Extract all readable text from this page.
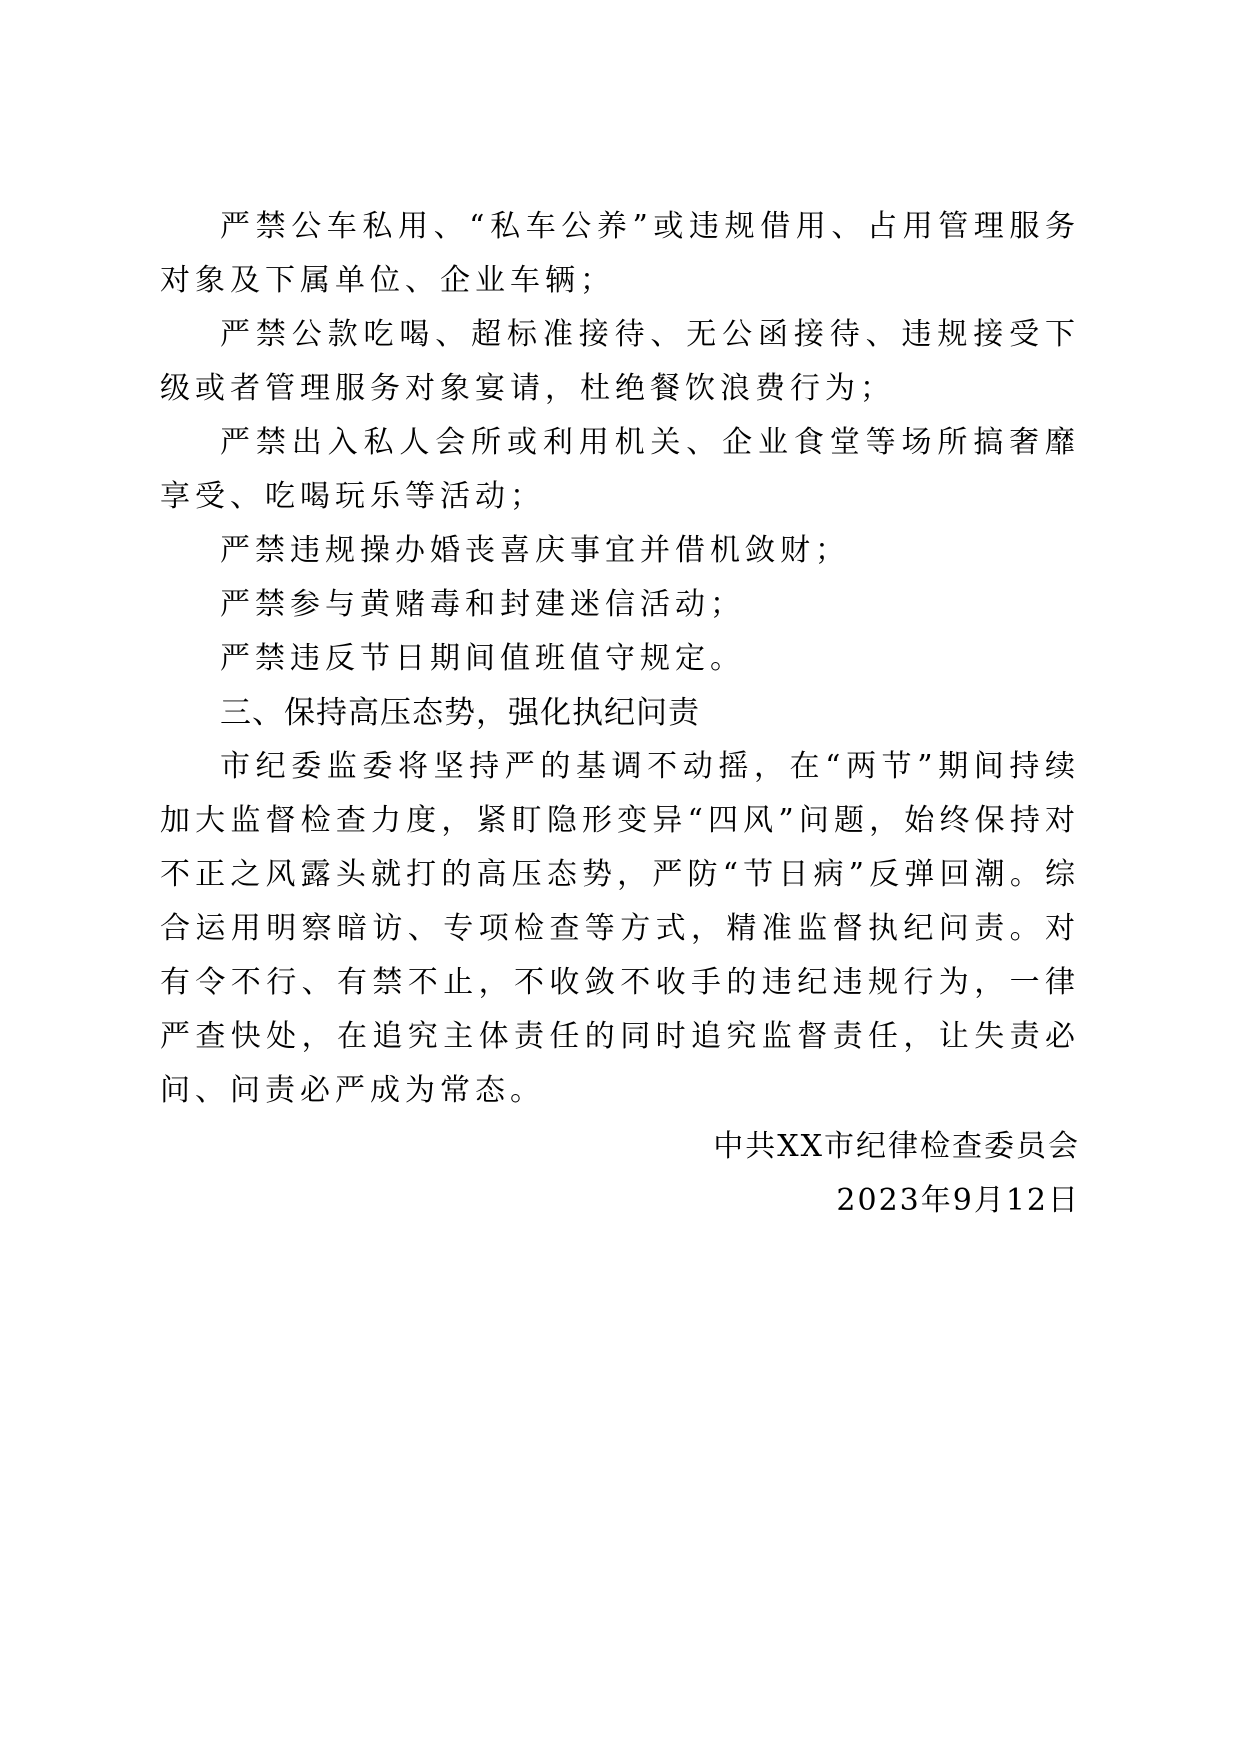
严禁公车私用、“私车公养”或违规借用、占用管理服务对象及下属单位、企业车辆；

严禁公款吃喝、超标准接待、无公函接待、违规接受下级或者管理服务对象宴请，杜绝餐饮浪费行为；

严禁出入私人会所或利用机关、企业食堂等场所搞奢靡享受、吃喝玩乐等活动；

严禁违规操办婚丧喜庆事宜并借机敛财；

严禁参与黄赌毒和封建迷信活动；

严禁违反节日期间值班值守规定。

三、保持高压态势，强化执纪问责

市纪委监委将坚持严的基调不动摇，在“两节”期间持续加大监督检查力度，紧盯隐形变异“四风”问题，始终保持对不正之风露头就打的高压态势，严防“节日病”反弹回潮。综合运用明察暗访、专项检查等方式，精准监督执纪问责。对有令不行、有禁不止，不收敛不收手的违纪违规行为，一律严查快处，在追究主体责任的同时追究监督责任，让失责必问、问责必严成为常态。

中共XX市纪律检查委员会
2023年9月12日
